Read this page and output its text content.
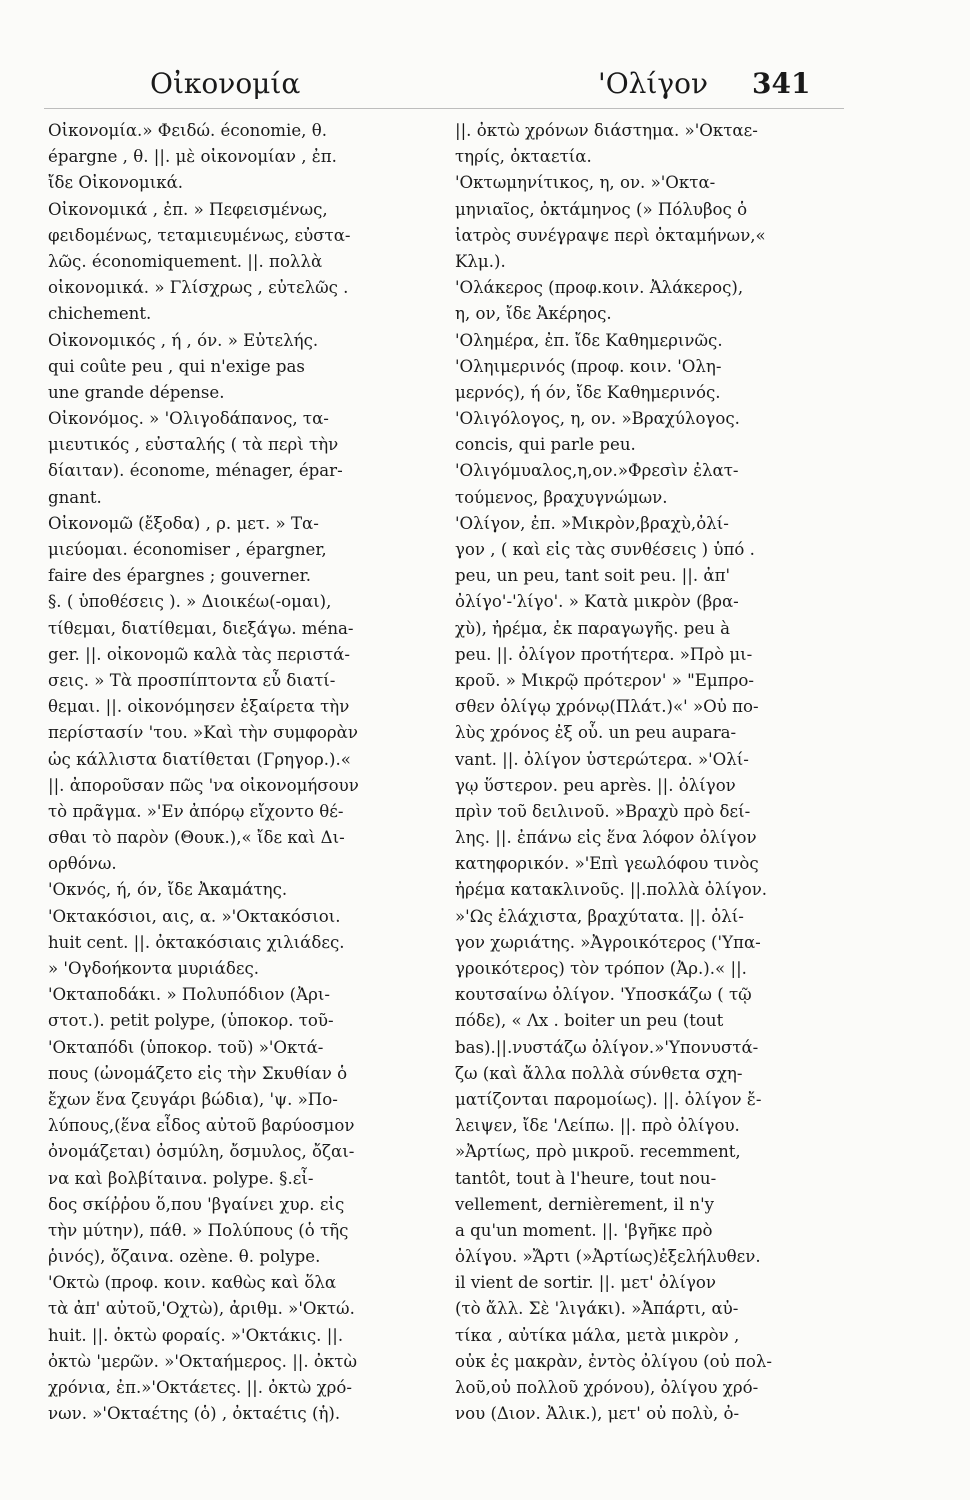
Οἰκονομία	'Ολίγον 341
Οἰκονομία.» Φειδώ. économie, θ.
épargne , θ. ||. μὲ οἰκονομίαν , ἐπ.
ἴδε Οἰκονομικά.
Οἰκονομικά , ἐπ. » Πεφεισμένως,
φειδομένως, τεταμιευμένως, εὐστα-
λῶς. économiquement. ||. πολλὰ
οἰκονομικά. » Γλίσχρως , εὐτελῶς .
chichement.
Οἰκονομικός , ή , όν. » Εὐτελής.
qui coûte peu , qui n'exige pas
une grande dépense.
Οἰκονόμος. » 'Ολιγοδάπανος, τα-
μιευτικός , εὐσταλής ( τὰ περὶ τὴν
δίαιταν). économe, ménager, épar-
gnant.
Οἰκονομῶ (ἔξοδα) , ρ. μετ. » Τα-
μιεύομαι. économiser , épargner,
faire des épargnes ; gouverner.
§. ( ὑποθέσεις ). » Διοικέω(-ομαι),
τίθεμαι, διατίθεμαι, διεξάγω. ména-
ger. ||. οἰκονομῶ καλὰ τὰς περιστά-
σεις. » Τὰ προσπίπτοντα εὖ διατί-
θεμαι. ||. οἰκονόμησεν ἐξαίρετα τὴν
περίστασίν 'του. »Καὶ τὴν συμφορὰν
ὡς κάλλιστα διατίθεται (Γρηγορ.).«
||. ἀποροῦσαν πῶς 'να οἰκονομήσουν
τὸ πρᾶγμα. »'Εν ἀπόρῳ εἴχοντο θέ-
σθαι τὸ παρὸν (Θουκ.),« ἴδε καὶ Δι-
ορθόνω.
'Οκνός, ή, όν, ἴδε Ἀκαμάτης.
'Οκτακόσιοι, αις, α. »'Οκτακόσιοι.
huit cent. ||. ὀκτακόσιαις χιλιάδες.
» 'Ογδοήκοντα μυριάδες.
'Οκταποδάκι. » Πολυπόδιον (Ἀρι-
στοτ.). petit polype, (ὑποκορ. τοῦ-
'Οκταπόδι (ὑποκορ. τοῦ) »'Οκτά-
πους (ὠνομάζετο εἰς τὴν Σκυθίαν ὁ
ἔχων ἕνα ζευγάρι βώδια), 'ψ. »Πο-
λύπους,(ἕνα εἶδος αὐτοῦ βαρύοσμον
ὀνομάζεται) ὀσμύλη, ὄσμυλος, ὄζαι-
να καὶ βολβίταινα. polype. §.εἶ-
δος σκίῤῥου ὅ,που 'βγαίνει χυρ. εἰς
τὴν μύτην), πάθ. » Πολύπους (ὁ τῆς
ῥινός), ὄζαινα. ozène. θ. polype.
'Οκτὼ (προφ. κοιν. καθὼς καὶ ὅλα
τὰ ἀπ' αὐτοῦ,'Οχτὼ), ἀριθμ. »'Οκτώ.
huit. ||. ὀκτὼ φοραίς. »'Οκτάκις. ||.
ὀκτὼ 'μερῶν. »'Οκταήμερος. ||. ὀκτὼ
χρόνια, ἐπ.»'Οκτάετες. ||. ὀκτὼ χρό-
νων. »'Οκταέτης (ὁ) , ὀκταέτις (ἡ).
||. ὀκτὼ χρόνων διάστημα. »'Οκταε-
τηρίς, ὀκταετία.
'Οκτωμηνίτικος, η, ον. »'Οκτα-
μηνιαῖος, ὀκτάμηνος (» Πόλυβος ὁ
ἰατρὸς συνέγραψε περὶ ὀκταμήνων,«
Κλμ.).
'Ολάκερος (προφ.κοιν. Ἀλάκερος),
η, ον, ἴδε Ἀκέρηος.
'Ολημέρα, ἐπ. ἴδε Καθημερινῶς.
'Οληιμερινός (προφ. κοιν. 'Ολη-
μερνός), ή όν, ἴδε Καθημερινός.
'Ολιγόλογος, η, ον. »Βραχύλογος.
concis, qui parle peu.
'Ολιγόμυαλος,η,ον.»Φρεσὶν ἐλατ-
τούμενος, βραχυγνώμων.
'Ολίγον, ἐπ. »Μικρὸν,βραχὺ,ὀλί-
γον , ( καὶ εἰς τὰς συνθέσεις ) ὑπό .
peu, un peu, tant soit peu. ||. ἀπ'
ὀλίγο'-'λίγο'. » Κατὰ μικρὸν (βρα-
χὺ), ἠρέμα, ἐκ παραγωγῆς. peu à
peu. ||. ὀλίγον προτήτερα. »Πρὸ μι-
κροῦ. » Μικρῷ πρότερον' » "Εμπρο-
σθεν ὀλίγῳ χρόνῳ(Πλάτ.)«' »Οὐ πο-
λὺς χρόνος ἐξ οὗ. un peu aupara-
vant. ||. ὀλίγον ὑστερώτερα. »'Ολί-
γῳ ὕστερον. peu après. ||. ὀλίγον
πρὶν τοῦ δειλινοῦ. »Βραχὺ πρὸ δεί-
λης. ||. ἐπάνω εἰς ἕνα λόφον ὀλίγον
κατηφορικόν. »'Επὶ γεωλόφου τινὸς
ἠρέμα κατακλινοῦς. ||.πολλὰ ὀλίγον.
»'Ως ἐλάχιστα, βραχύτατα. ||. ὀλί-
γον χωριάτης. »Ἀγροικότερος ('Υπα-
γροικότερος) τὸν τρόπον (Ἀρ.).« ||.
κουτσαίνω ὀλίγον. 'Υποσκάζω ( τῷ
πόδε), « Λx . boiter un peu (tout
bas).||.νυστάζω ὀλίγον.»'Υπονυστά-
ζω (καὶ ἄλλα πολλὰ σύνθετα σχη-
ματίζονται παρομοίως). ||. ὀλίγον ἔ-
λειψεν, ἴδε 'Λείπω. ||. πρὸ ὀλίγου.
»Ἀρτίως, πρὸ μικροῦ. recemment,
tantôt, tout à l'heure, tout nou-
vellement, dernièrement, il n'y
a qu'un moment. ||. 'βγῆκε πρὸ
ὀλίγου. »Ἄρτι (»Ἀρτίως)ἐξελήλυθεν.
il vient de sortir. ||. μετ' ὀλίγον
(τὸ ἄλλ. Σὲ 'λιγάκι). »Ἀπάρτι, αὐ-
τίκα , αὐτίκα μάλα, μετὰ μικρὸν ,
οὐκ ἐς μακρὰν, ἐντὸς ὀλίγου (οὐ πολ-
λοῦ,οὐ πολλοῦ χρόνου), ὀλίγου χρό-
νου (Διον. Ἀλικ.), μετ' οὐ πολὺ, ὀ-
